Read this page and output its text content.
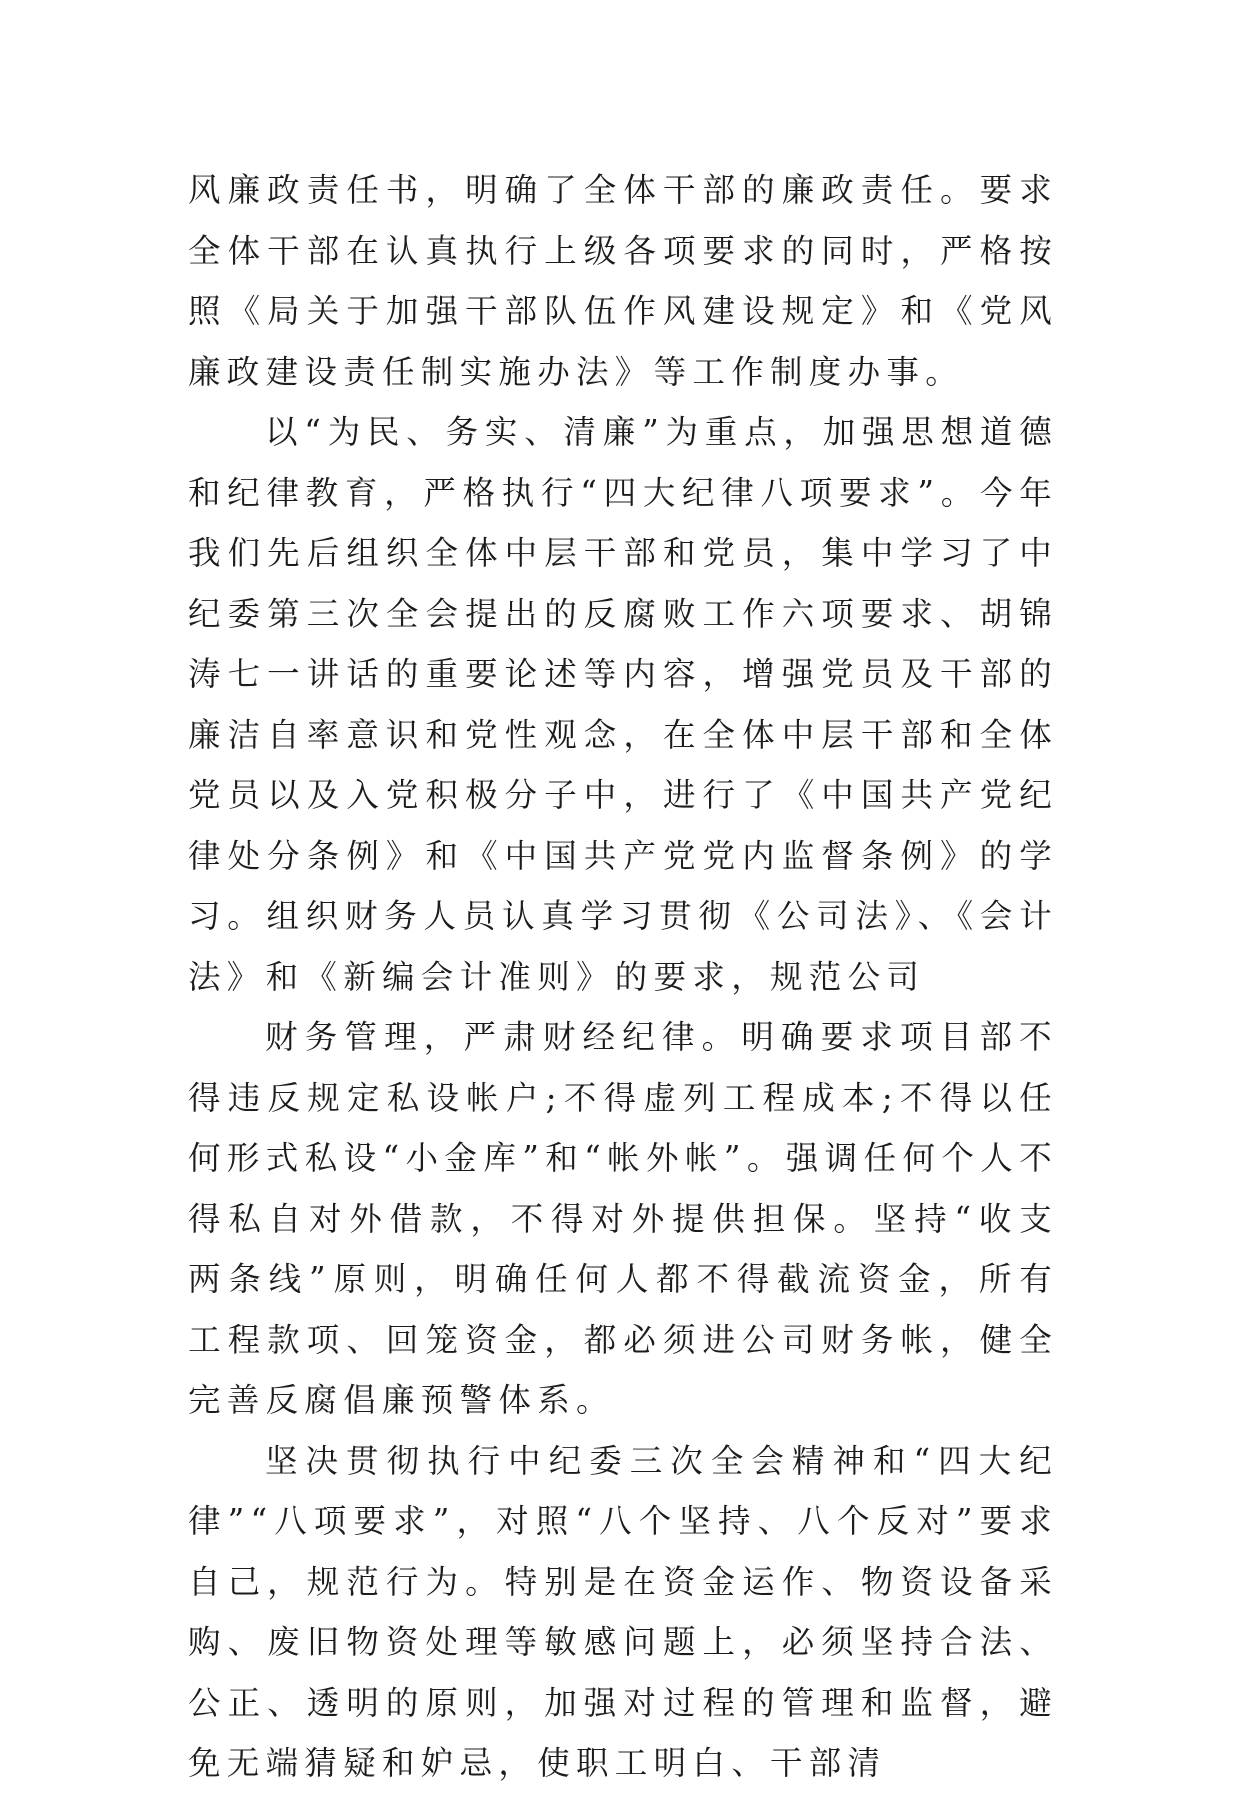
风廉政责任书，明确了全体干部的廉政责任。要求全体干部在认真执行上级各项要求的同时，严格按照《局关于加强干部队伍作风建设规定》和《党风廉政建设责任制实施办法》等工作制度办事。

以“为民、务实、清廉”为重点，加强思想道德和纪律教育，严格执行“四大纪律八项要求”。今年我们先后组织全体中层干部和党员，集中学习了中纪委第三次全会提出的反腐败工作六项要求、胡锦涛七一讲话的重要论述等内容，增强党员及干部的廉洁自率意识和党性观念，在全体中层干部和全体党员以及入党积极分子中，进行了《中国共产党纪律处分条例》和《中国共产党党内监督条例》的学习。组织财务人员认真学习贯彻《公司法》、《会计法》和《新编会计准则》的要求，规范公司

财务管理，严肃财经纪律。明确要求项目部不得违反规定私设帐户;不得虚列工程成本;不得以任何形式私设“小金库”和“帐外帐”。强调任何个人不得私自对外借款，不得对外提供担保。坚持“收支两条线”原则，明确任何人都不得截流资金，所有工程款项、回笼资金，都必须进公司财务帐，健全完善反腐倡廉预警体系。

坚决贯彻执行中纪委三次全会精神和“四大纪律”“八项要求”，对照“八个坚持、八个反对”要求自己，规范行为。特别是在资金运作、物资设备采购、废旧物资处理等敏感问题上，必须坚持合法、公正、透明的原则，加强对过程的管理和监督，避免无端猜疑和妒忌，使职工明白、干部清
